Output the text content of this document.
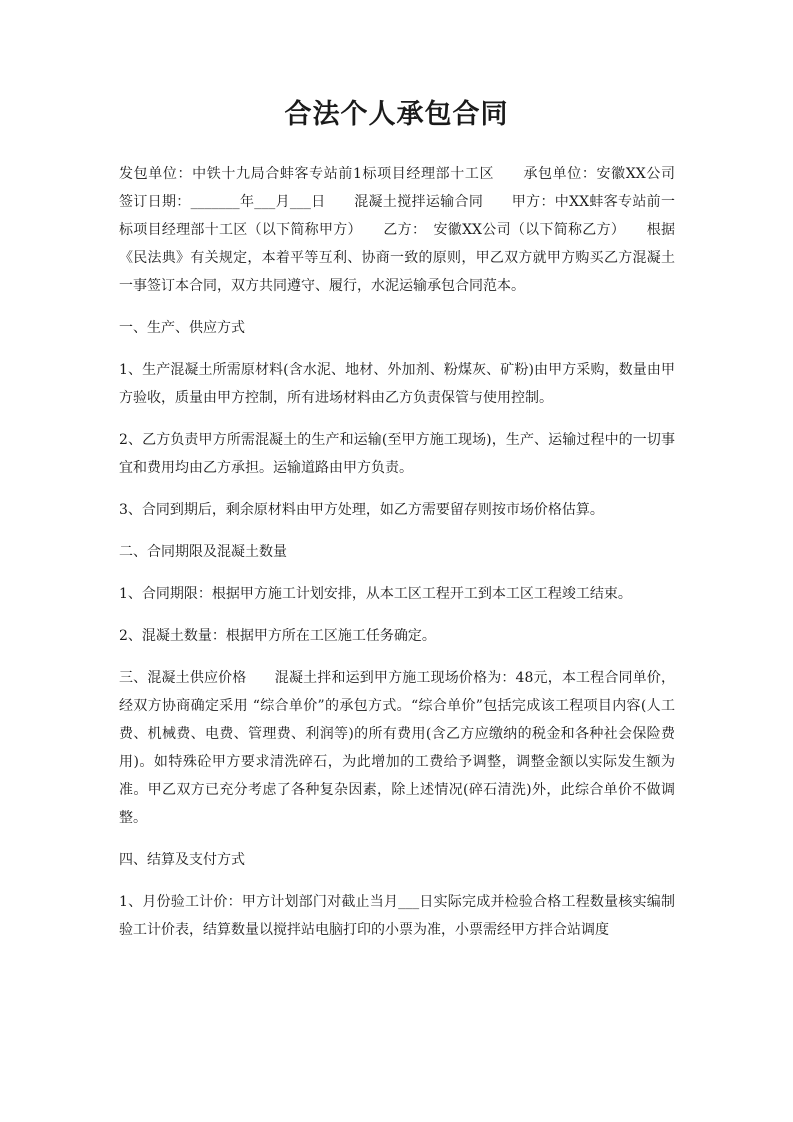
合法个人承包合同

发包单位：中铁十九局合蚌客专站前1标项目经理部十工区　　承包单位：安徽XX公司　　签订日期：_______年___月___日　　混凝土搅拌运输合同　　甲方：中XX蚌客专站前一标项目经理部十工区（以下简称甲方）　　乙方：　安徽XX公司（以下简称乙方）　　根据《民法典》有关规定，本着平等互利、协商一致的原则，甲乙双方就甲方购买乙方混凝土一事签订本合同，双方共同遵守、履行，水泥运输承包合同范本。

一、生产、供应方式

1、生产混凝土所需原材料(含水泥、地材、外加剂、粉煤灰、矿粉)由甲方采购，数量由甲方验收，质量由甲方控制，所有进场材料由乙方负责保管与使用控制。

2、乙方负责甲方所需混凝土的生产和运输(至甲方施工现场)，生产、运输过程中的一切事宜和费用均由乙方承担。运输道路由甲方负责。

3、合同到期后，剩余原材料由甲方处理，如乙方需要留存则按市场价格估算。

二、合同期限及混凝土数量

1、合同期限：根据甲方施工计划安排，从本工区工程开工到本工区工程竣工结束。

2、混凝土数量：根据甲方所在工区施工任务确定。

三、混凝土供应价格　　混凝土拌和运到甲方施工现场价格为：48元，本工程合同单价，经双方协商确定采用 “综合单价”的承包方式。“综合单价”包括完成该工程项目内容(人工费、机械费、电费、管理费、利润等)的所有费用(含乙方应缴纳的税金和各种社会保险费用)。如特殊砼甲方要求清洗碎石，为此增加的工费给予调整，调整金额以实际发生额为准。甲乙双方已充分考虑了各种复杂因素，除上述情况(碎石清洗)外，此综合单价不做调整。

四、结算及支付方式

1、月份验工计价：甲方计划部门对截止当月___日实际完成并检验合格工程数量核实编制验工计价表，结算数量以搅拌站电脑打印的小票为准，小票需经甲方拌合站调度
